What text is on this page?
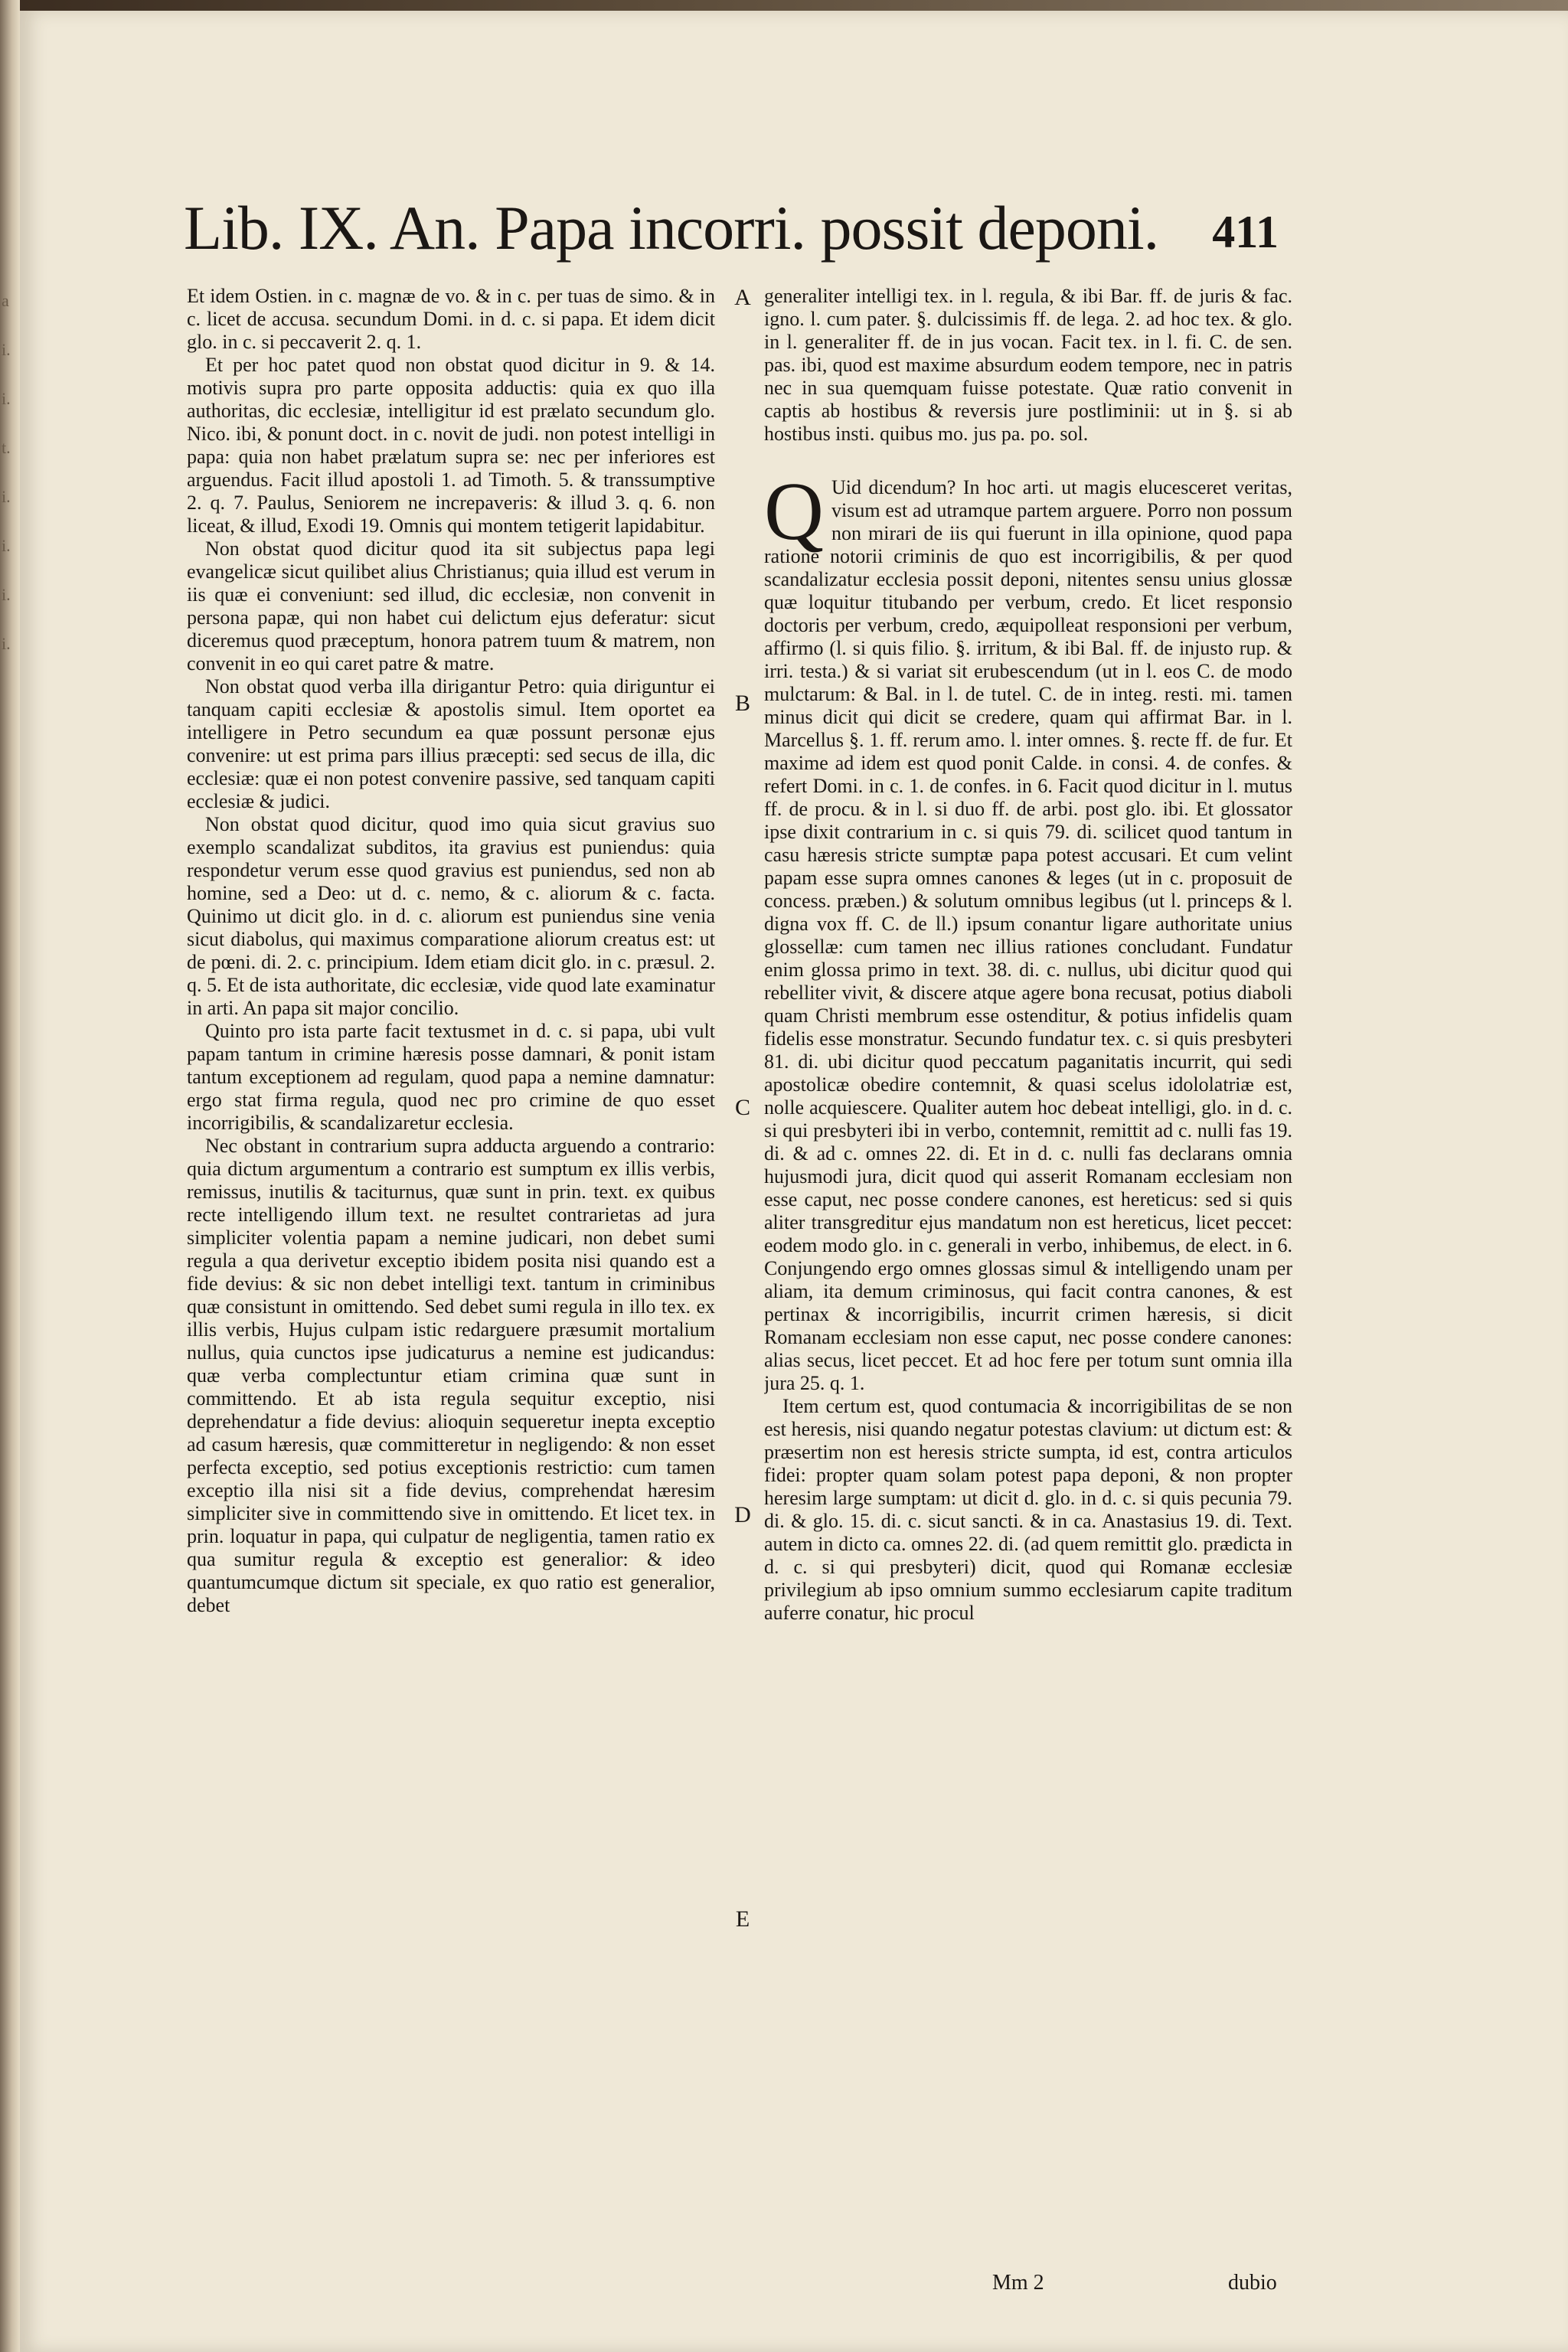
a
i.
i.
t.
i.
i.
i.
i.
Lib. IX. An. Papa incorri. possit deponi. 411

Et idem Ostien. in c. magnæ de vo. & in c. per tuas de simo. & in c. licet de accusa. secundum Domi. in d. c. si papa. Et idem dicit glo. in c. si peccaverit 2. q. 1.

Et per hoc patet quod non obstat quod dicitur in 9. & 14. motivis supra pro parte opposita adductis: quia ex quo illa authoritas, dic ecclesiæ, intelligitur id est prælato secundum glo. Nico. ibi, & ponunt doct. in c. novit de judi. non potest intelligi in papa: quia non habet prælatum supra se: nec per inferiores est arguendus. Facit illud apostoli 1. ad Timoth. 5. & transsumptive 2. q. 7. Paulus, Seniorem ne increpaveris: & illud 3. q. 6. non liceat, & illud, Exodi 19. Omnis qui montem tetigerit lapidabitur.

Non obstat quod dicitur quod ita sit subjectus papa legi evangelicæ sicut quilibet alius Christianus; quia illud est verum in iis quæ ei conveniunt: sed illud, dic ecclesiæ, non convenit in persona papæ, qui non habet cui delictum ejus deferatur: sicut diceremus quod præceptum, honora patrem tuum & matrem, non convenit in eo qui caret patre & matre.

Non obstat quod verba illa dirigantur Petro: quia diriguntur ei tanquam capiti ecclesiæ & apostolis simul. Item oportet ea intelligere in Petro secundum ea quæ possunt personæ ejus convenire: ut est prima pars illius præcepti: sed secus de illa, dic ecclesiæ: quæ ei non potest convenire passive, sed tanquam capiti ecclesiæ & judici.

Non obstat quod dicitur, quod imo quia sicut gravius suo exemplo scandalizat subditos, ita gravius est puniendus: quia respondetur verum esse quod gravius est puniendus, sed non ab homine, sed a Deo: ut d. c. nemo, & c. aliorum & c. facta. Quinimo ut dicit glo. in d. c. aliorum est puniendus sine venia sicut diabolus, qui maximus comparatione aliorum creatus est: ut de pœni. di. 2. c. principium. Idem etiam dicit glo. in c. præsul. 2. q. 5. Et de ista authoritate, dic ecclesiæ, vide quod late examinatur in arti. An papa sit major concilio.

Quinto pro ista parte facit textusmet in d. c. si papa, ubi vult papam tantum in crimine hæresis posse damnari, & ponit istam tantum exceptionem ad regulam, quod papa a nemine damnatur: ergo stat firma regula, quod nec pro crimine de quo esset incorrigibilis, & scandalizaretur ecclesia.

Nec obstant in contrarium supra adducta arguendo a contrario: quia dictum argumentum a contrario est sumptum ex illis verbis, remissus, inutilis & taciturnus, quæ sunt in prin. text. ex quibus recte intelligendo illum text. ne resultet contrarietas ad jura simpliciter volentia papam a nemine judicari, non debet sumi regula a qua derivetur exceptio ibidem posita nisi quando est a fide devius: & sic non debet intelligi text. tantum in criminibus quæ consistunt in omittendo. Sed debet sumi regula in illo tex. ex illis verbis, Hujus culpam istic redarguere præsumit mortalium nullus, quia cunctos ipse judicaturus a nemine est judicandus: quæ verba complectuntur etiam crimina quæ sunt in committendo. Et ab ista regula sequitur exceptio, nisi deprehendatur a fide devius: alioquin sequeretur inepta exceptio ad casum hæresis, quæ committeretur in negligendo: & non esset perfecta exceptio, sed potius exceptionis restrictio: cum tamen exceptio illa nisi sit a fide devius, comprehendat hæresim simpliciter sive in committendo sive in omittendo. Et licet tex. in prin. loquatur in papa, qui culpatur de negligentia, tamen ratio ex qua sumitur regula & exceptio est generalior: & ideo quantumcumque dictum sit speciale, ex quo ratio est generalior, debet

A
B
C
D
E

generaliter intelligi tex. in l. regula, & ibi Bar. ff. de juris & fac. igno. l. cum pater. §. dulcissimis ff. de lega. 2. ad hoc tex. & glo. in l. generaliter ff. de in jus vocan. Facit tex. in l. fi. C. de sen. pas. ibi, quod est maxime absurdum eodem tempore, nec in patris nec in sua quemquam fuisse potestate. Quæ ratio convenit in captis ab hostibus & reversis jure postliminii: ut in §. si ab hostibus insti. quibus mo. jus pa. po. sol.

Q Uid dicendum? In hoc arti. ut magis elucesceret veritas, visum est ad utramque partem arguere. Porro non possum non mirari de iis qui fuerunt in illa opinione, quod papa ratione notorii criminis de quo est incorrigibilis, & per quod scandalizatur ecclesia possit deponi, nitentes sensu unius glossæ quæ loquitur titubando per verbum, credo. Et licet responsio doctoris per verbum, credo, æquipolleat responsioni per verbum, affirmo (l. si quis filio. §. irritum, & ibi Bal. ff. de injusto rup. & irri. testa.) & si variat sit erubescendum (ut in l. eos C. de modo mulctarum: & Bal. in l. de tutel. C. de in integ. resti. mi. tamen minus dicit qui dicit se credere, quam qui affirmat Bar. in l. Marcellus §. 1. ff. rerum amo. l. inter omnes. §. recte ff. de fur. Et maxime ad idem est quod ponit Calde. in consi. 4. de confes. & refert Domi. in c. 1. de confes. in 6. Facit quod dicitur in l. mutus ff. de procu. & in l. si duo ff. de arbi. post glo. ibi. Et glossator ipse dixit contrarium in c. si quis 79. di. scilicet quod tantum in casu hæresis stricte sumptæ papa potest accusari. Et cum velint papam esse supra omnes canones & leges (ut in c. proposuit de concess. præben.) & solutum omnibus legibus (ut l. princeps & l. digna vox ff. C. de ll.) ipsum conantur ligare authoritate unius glossellæ: cum tamen nec illius rationes concludant. Fundatur enim glossa primo in text. 38. di. c. nullus, ubi dicitur quod qui rebelliter vivit, & discere atque agere bona recusat, potius diaboli quam Christi membrum esse ostenditur, & potius infidelis quam fidelis esse monstratur. Secundo fundatur tex. c. si quis presbyteri 81. di. ubi dicitur quod peccatum paganitatis incurrit, qui sedi apostolicæ obedire contemnit, & quasi scelus idololatriæ est, nolle acquiescere. Qualiter autem hoc debeat intelligi, glo. in d. c. si qui presbyteri ibi in verbo, contemnit, remittit ad c. nulli fas 19. di. & ad c. omnes 22. di. Et in d. c. nulli fas declarans omnia hujusmodi jura, dicit quod qui asserit Romanam ecclesiam non esse caput, nec posse condere canones, est hereticus: sed si quis aliter transgreditur ejus mandatum non est hereticus, licet peccet: eodem modo glo. in c. generali in verbo, inhibemus, de elect. in 6. Conjungendo ergo omnes glossas simul & intelligendo unam per aliam, ita demum criminosus, qui facit contra canones, & est pertinax & incorrigibilis, incurrit crimen hæresis, si dicit Romanam ecclesiam non esse caput, nec posse condere canones: alias secus, licet peccet. Et ad hoc fere per totum sunt omnia illa jura 25. q. 1.

Item certum est, quod contumacia & incorrigibilitas de se non est heresis, nisi quando negatur potestas clavium: ut dictum est: & præsertim non est heresis stricte sumpta, id est, contra articulos fidei: propter quam solam potest papa deponi, & non propter heresim large sumptam: ut dicit d. glo. in d. c. si quis pecunia 79. di. & glo. 15. di. c. sicut sancti. & in ca. Anastasius 19. di. Text. autem in dicto ca. omnes 22. di. (ad quem remittit glo. prædicta in d. c. si qui presbyteri) dicit, quod qui Romanæ ecclesiæ privilegium ab ipso omnium summo ecclesiarum capite traditum auferre conatur, hic procul

Mm 2	dubio
